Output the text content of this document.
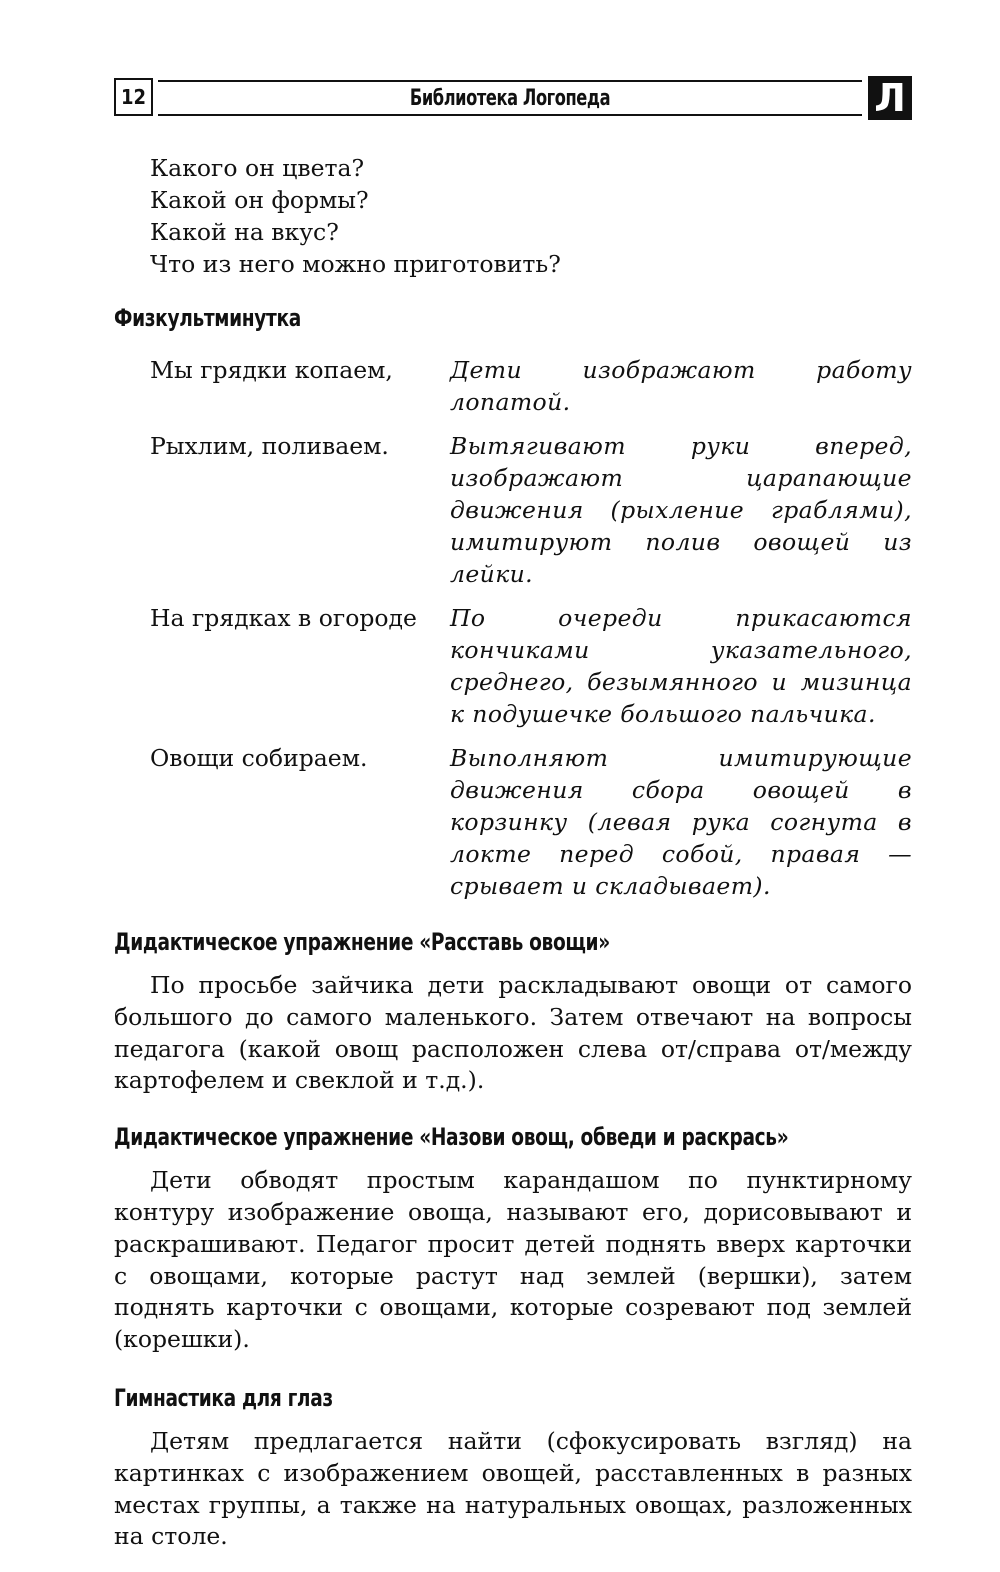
12	Библиотека Логопеда	Л
Какого он цвета?
Какой он формы?
Какой на вкус?
Что из него можно приготовить?
Физкультминутка
Мы грядки копаем,	Дети изображают работу лопатой.
Рыхлим, поливаем.	Вытягивают руки вперед, изображают царапающие движения (рыхление граблями), имитируют полив овощей из лейки.
На грядках в огороде	По очереди прикасаются кончиками указательного, среднего, безымянного и мизинца к подушечке большого пальчика.
Овощи собираем.	Выполняют имитирующие движения сбора овощей в корзинку (левая рука согнута в локте перед собой, правая — срывает и складывает).
Дидактическое упражнение «Расставь овощи»

По просьбе зайчика дети раскладывают овощи от самого большого до самого маленького. Затем отвечают на вопросы педагога (какой овощ расположен слева от/справа от/между картофелем и свеклой и т.д.).

Дидактическое упражнение «Назови овощ, обведи и раскрась»

Дети обводят простым карандашом по пунктирному контуру изображение овоща, называют его, дорисовывают и раскрашивают. Педагог просит детей поднять вверх карточки с овощами, которые растут над землей (вершки), затем поднять карточки с овощами, которые созревают под землей (корешки).

Гимнастика для глаз

Детям предлагается найти (сфокусировать взгляд) на картинках с изображением овощей, расставленных в разных местах группы, а также на натуральных овощах, разложенных на столе.
